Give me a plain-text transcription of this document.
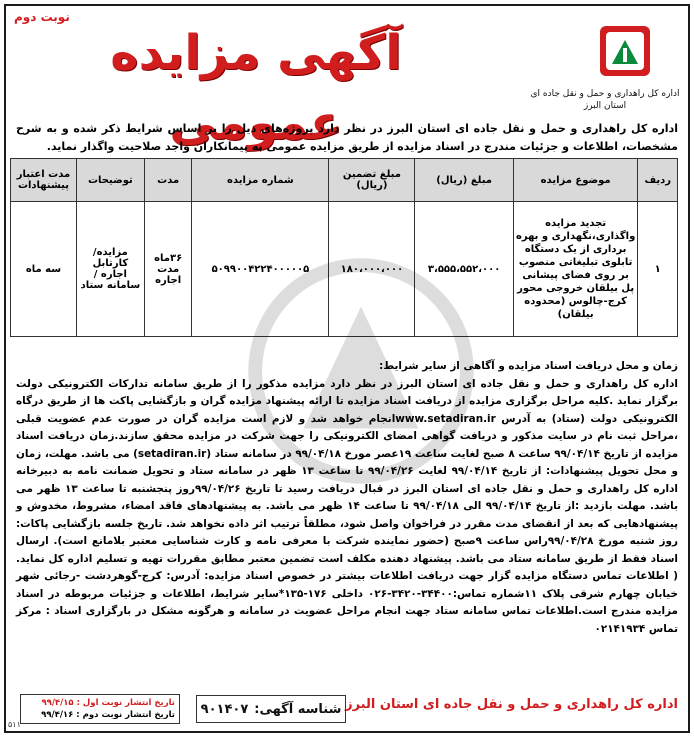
اداره کل راهداری و حمل و نقل جاده ای استان البرز
آگهی مزایده عمومی
نوبت دوم
اداره کل راهداری و حمل و نقل جاده ای استان البرز در نظر دارد پروژه‌های ذیل را بر اساس شرایط ذکر شده و به شرح مشخصات، اطلاعات و جزئیات مندرج در اسناد مزایده از طریق مزایده عمومی به پیمانکاران واجد صلاحیت واگذار نماید.
ردیف	موضوع مزایده	مبلغ (ریال)	مبلغ تضمین (ریال)	شماره مزایده	مدت	توضیحات	مدت اعتبار پیشنهادات
۱	تجدید مزایده واگذاری،نگهداری و بهره برداری از یک دستگاه تابلوی تبلیغاتی منصوب بر روی فضای پیشانی پل بیلقان خروجی محور کرج-چالوس (محدوده بیلقان)	۳،۵۵۵،۵۵۲،۰۰۰	۱۸۰،۰۰۰،۰۰۰	۵۰۹۹۰۰۴۲۲۴۰۰۰۰۰۵	۳۶ماه مدت اجاره	مزایده/ کارتابل اجاره / سامانه ستاد	سه ماه

زمان و محل دریافت اسناد مزایده و آگاهی از سایر شرایط:

اداره کل راهداری و حمل و نقل جاده ای استان البرز در نظر دارد مزایده مذکور را از طریق سامانه تدارکات الکترونیکی دولت برگزار نماید .کلیه مراحل برگزاری مزایده از دریافت اسناد مزایده تا ارائه پیشنهاد مزایده گران و بازگشایی پاکت ها از طریق درگاه الکترونیکی دولت (ستاد) به آدرس www.setadiran.irانجام خواهد شد و لازم است مزایده گران در صورت عدم عضویت قبلی ،مراحل ثبت نام در سایت مذکور و دریافت گواهی امضای الکترونیکی را جهت شرکت در مزایده محقق سازند.زمان دریافت اسناد مزایده از تاریخ ۹۹/۰۴/۱۴ ساعت ۸ صبح لغایت ساعت ۱۹عصر مورخ ۹۹/۰۴/۱۸ در سامانه ستاد (setadiran.ir) می باشد. مهلت، زمان و محل تحویل پیشنهادات: از تاریخ ۹۹/۰۴/۱۴ لغایت ۹۹/۰۴/۲۶ تا ساعت ۱۳ ظهر در سامانه ستاد و تحویل ضمانت نامه به دبیرخانه اداره کل راهداری و حمل و نقل جاده ای استان البرز در قبال دریافت رسید تا تاریخ ۹۹/۰۴/۲۶روز پنجشنبه تا ساعت ۱۳ ظهر می باشد. مهلت بازدید :از تاریخ ۹۹/۰۴/۱۴ الی ۹۹/۰۴/۱۸ تا ساعت ۱۴ ظهر می باشد. به پیشنهادهای فاقد امضاء، مشروط، مخدوش و پیشنهادهایی که بعد از انقضای مدت مقرر در فراخوان واصل شود، مطلقاً ترتیب اثر داده نخواهد شد. تاریخ جلسه بازگشایی پاکات: روز شنبه مورخ ۹۹/۰۴/۲۸راس ساعت ۹صبح (حضور نماینده شرکت با معرفی نامه و کارت شناسایی معتبر بلامانع است). ارسال اسناد فقط از طریق سامانه ستاد می باشد. پیشنهاد دهنده مکلف است تضمین معتبر مطابق مقررات تهیه و تسلیم اداره کل نماید. ( اطلاعات تماس دستگاه مزایده گزار جهت دریافت اطلاعات بیشتر در خصوص اسناد مزایده: آدرس: کرج-گوهردشت -رجائی شهر خیابان چهارم شرقی پلاک ۱۱شماره تماس:۳۴۴۰۰-۳۴۲۰-۰۲۶ داخلی ۱۷۶-۱۳۵*سایر شرایط، اطلاعات و جزئیات مربوطه در اسناد مزایده مندرج است.اطلاعات تماس سامانه ستاد جهت انجام مراحل عضویت در سامانه و هرگونه مشکل در بارگزاری اسناد : مرکز تماس ۰۲۱۴۱۹۳۴

اداره کل راهداری و حمل و نقل جاده ای استان البرز
شناسه آگهی:
۹۰۱۴۰۷
تاریخ انتشار نوبت اول : ۹۹/۴/۱۵
تاریخ انتشار نوبت دوم : ۹۹/۴/۱۶
۵۱۱
